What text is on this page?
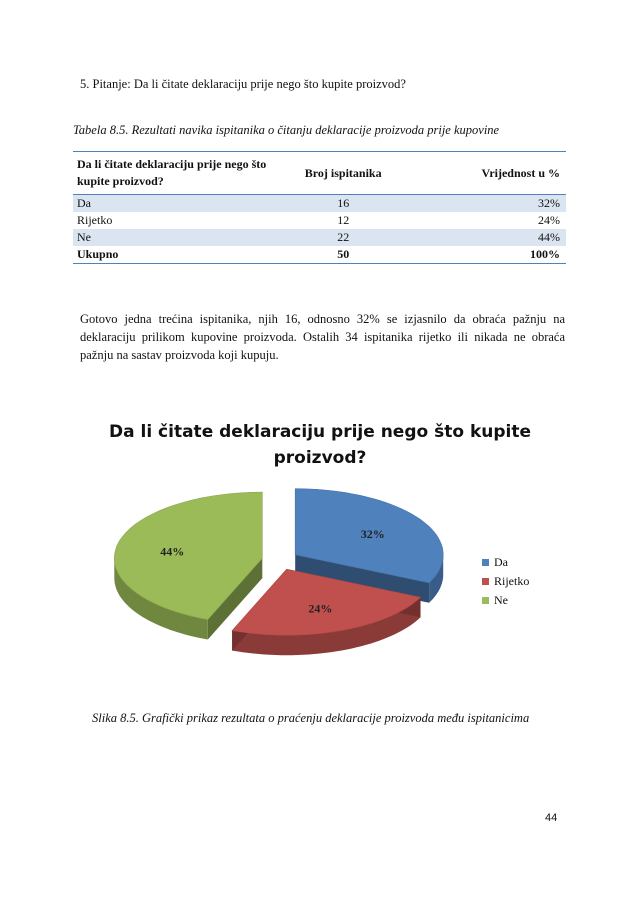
5. Pitanje: Da li čitate deklaraciju prije nego što kupite proizvod?
Tabela 8.5. Rezultati navika ispitanika o čitanju deklaracije proizvoda prije kupovine
Da li čitate deklaraciju prije nego što kupite proizvod?	Broj ispitanika	Vrijednost u %
Da	16	32%
Rijetko	12	24%
Ne	22	44%
Ukupno	50	100%
Gotovo jedna trećina ispitanika, njih 16, odnosno 32% se izjasnilo da obraća pažnju na deklaraciju prilikom kupovine proizvoda. Ostalih 34 ispitanika rijetko ili nikada ne obraća pažnju na sastav proizvoda koji kupuju.
Da li čitate deklaraciju prije nego što kupite proizvod?
32%
24%
44%
Da
Rijetko
Ne
Slika 8.5. Grafički prikaz rezultata o praćenju deklaracije proizvoda među ispitanicima
44
